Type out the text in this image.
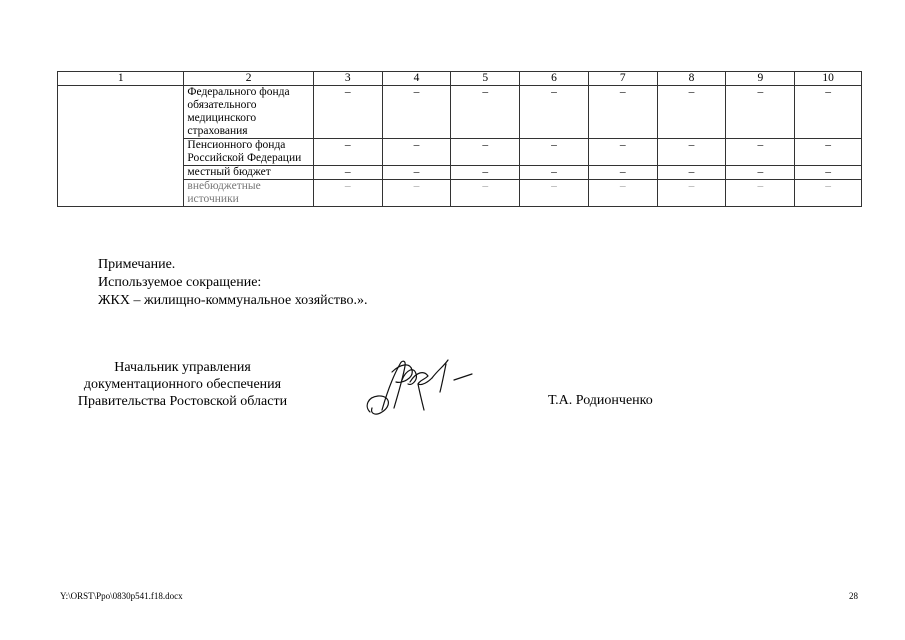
1	2	3	4	5	6	7	8	9	10
	Федерального фонда обязательного медицинского страхования	–	–	–	–	–	–	–	–
	Пенсионного фонда Российской Федерации	–	–	–	–	–	–	–	–
	местный бюджет	–	–	–	–	–	–	–	–
	внебюджетные источники	–	–	–	–	–	–	–	–
Примечание.
Используемое сокращение:
ЖКХ – жилищно-коммунальное хозяйство.».
Начальник управления
документационного обеспечения
Правительства Ростовской области	Т.А. Родионченко
Y:\ORST\Ppo\0830p541.f18.docx	28
